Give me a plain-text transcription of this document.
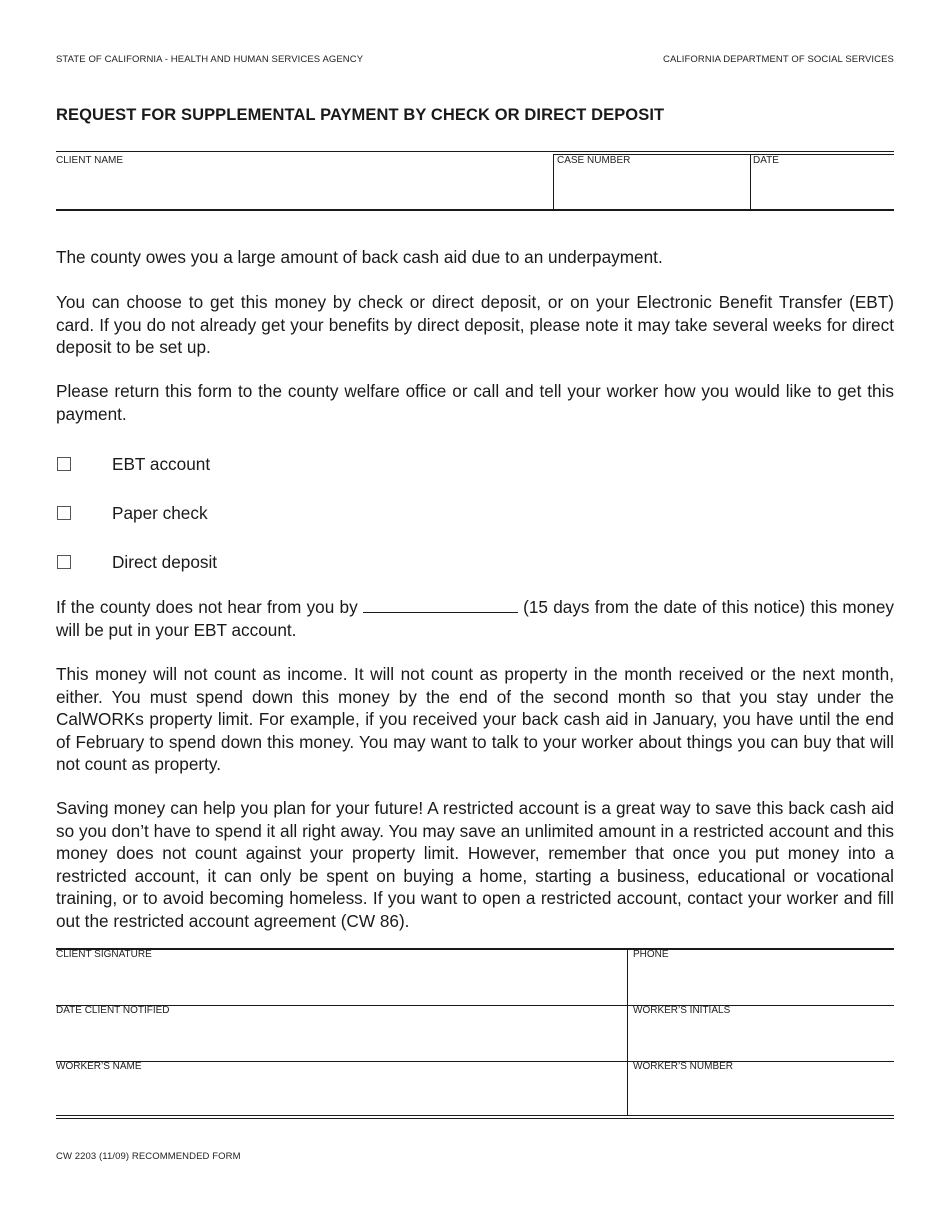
STATE OF CALIFORNIA - HEALTH AND HUMAN SERVICES AGENCY	CALIFORNIA DEPARTMENT OF SOCIAL SERVICES
REQUEST FOR SUPPLEMENTAL PAYMENT BY CHECK OR DIRECT DEPOSIT
CLIENT NAME	CASE NUMBER	DATE
The county owes you a large amount of back cash aid due to an underpayment.
You can choose to get this money by check or direct deposit, or on your Electronic Benefit Transfer (EBT) card. If you do not already get your benefits by direct deposit, please note it may take several weeks for direct deposit to be set up.
Please return this form to the county welfare office or call and tell your worker how you would like to get this payment.
EBT account
Paper check
Direct deposit
If the county does not hear from you by	(15 days from the date of this notice) this money will be put in your EBT account.
This money will not count as income. It will not count as property in the month received or the next month, either. You must spend down this money by the end of the second month so that you stay under the CalWORKs property limit. For example, if you received your back cash aid in January, you have until the end of February to spend down this money. You may want to talk to your worker about things you can buy that will not count as property.
Saving money can help you plan for your future! A restricted account is a great way to save this back cash aid so you don’t have to spend it all right away. You may save an unlimited amount in a restricted account and this money does not count against your property limit. However, remember that once you put money into a restricted account, it can only be spent on buying a home, starting a business, educational or vocational training, or to avoid becoming homeless. If you want to open a restricted account, contact your worker and fill out the restricted account agreement (CW 86).
CLIENT SIGNATURE	PHONE
DATE CLIENT NOTIFIED	WORKER’S INITIALS
WORKER’S NAME	WORKER’S NUMBER
CW 2203 (11/09) RECOMMENDED FORM
